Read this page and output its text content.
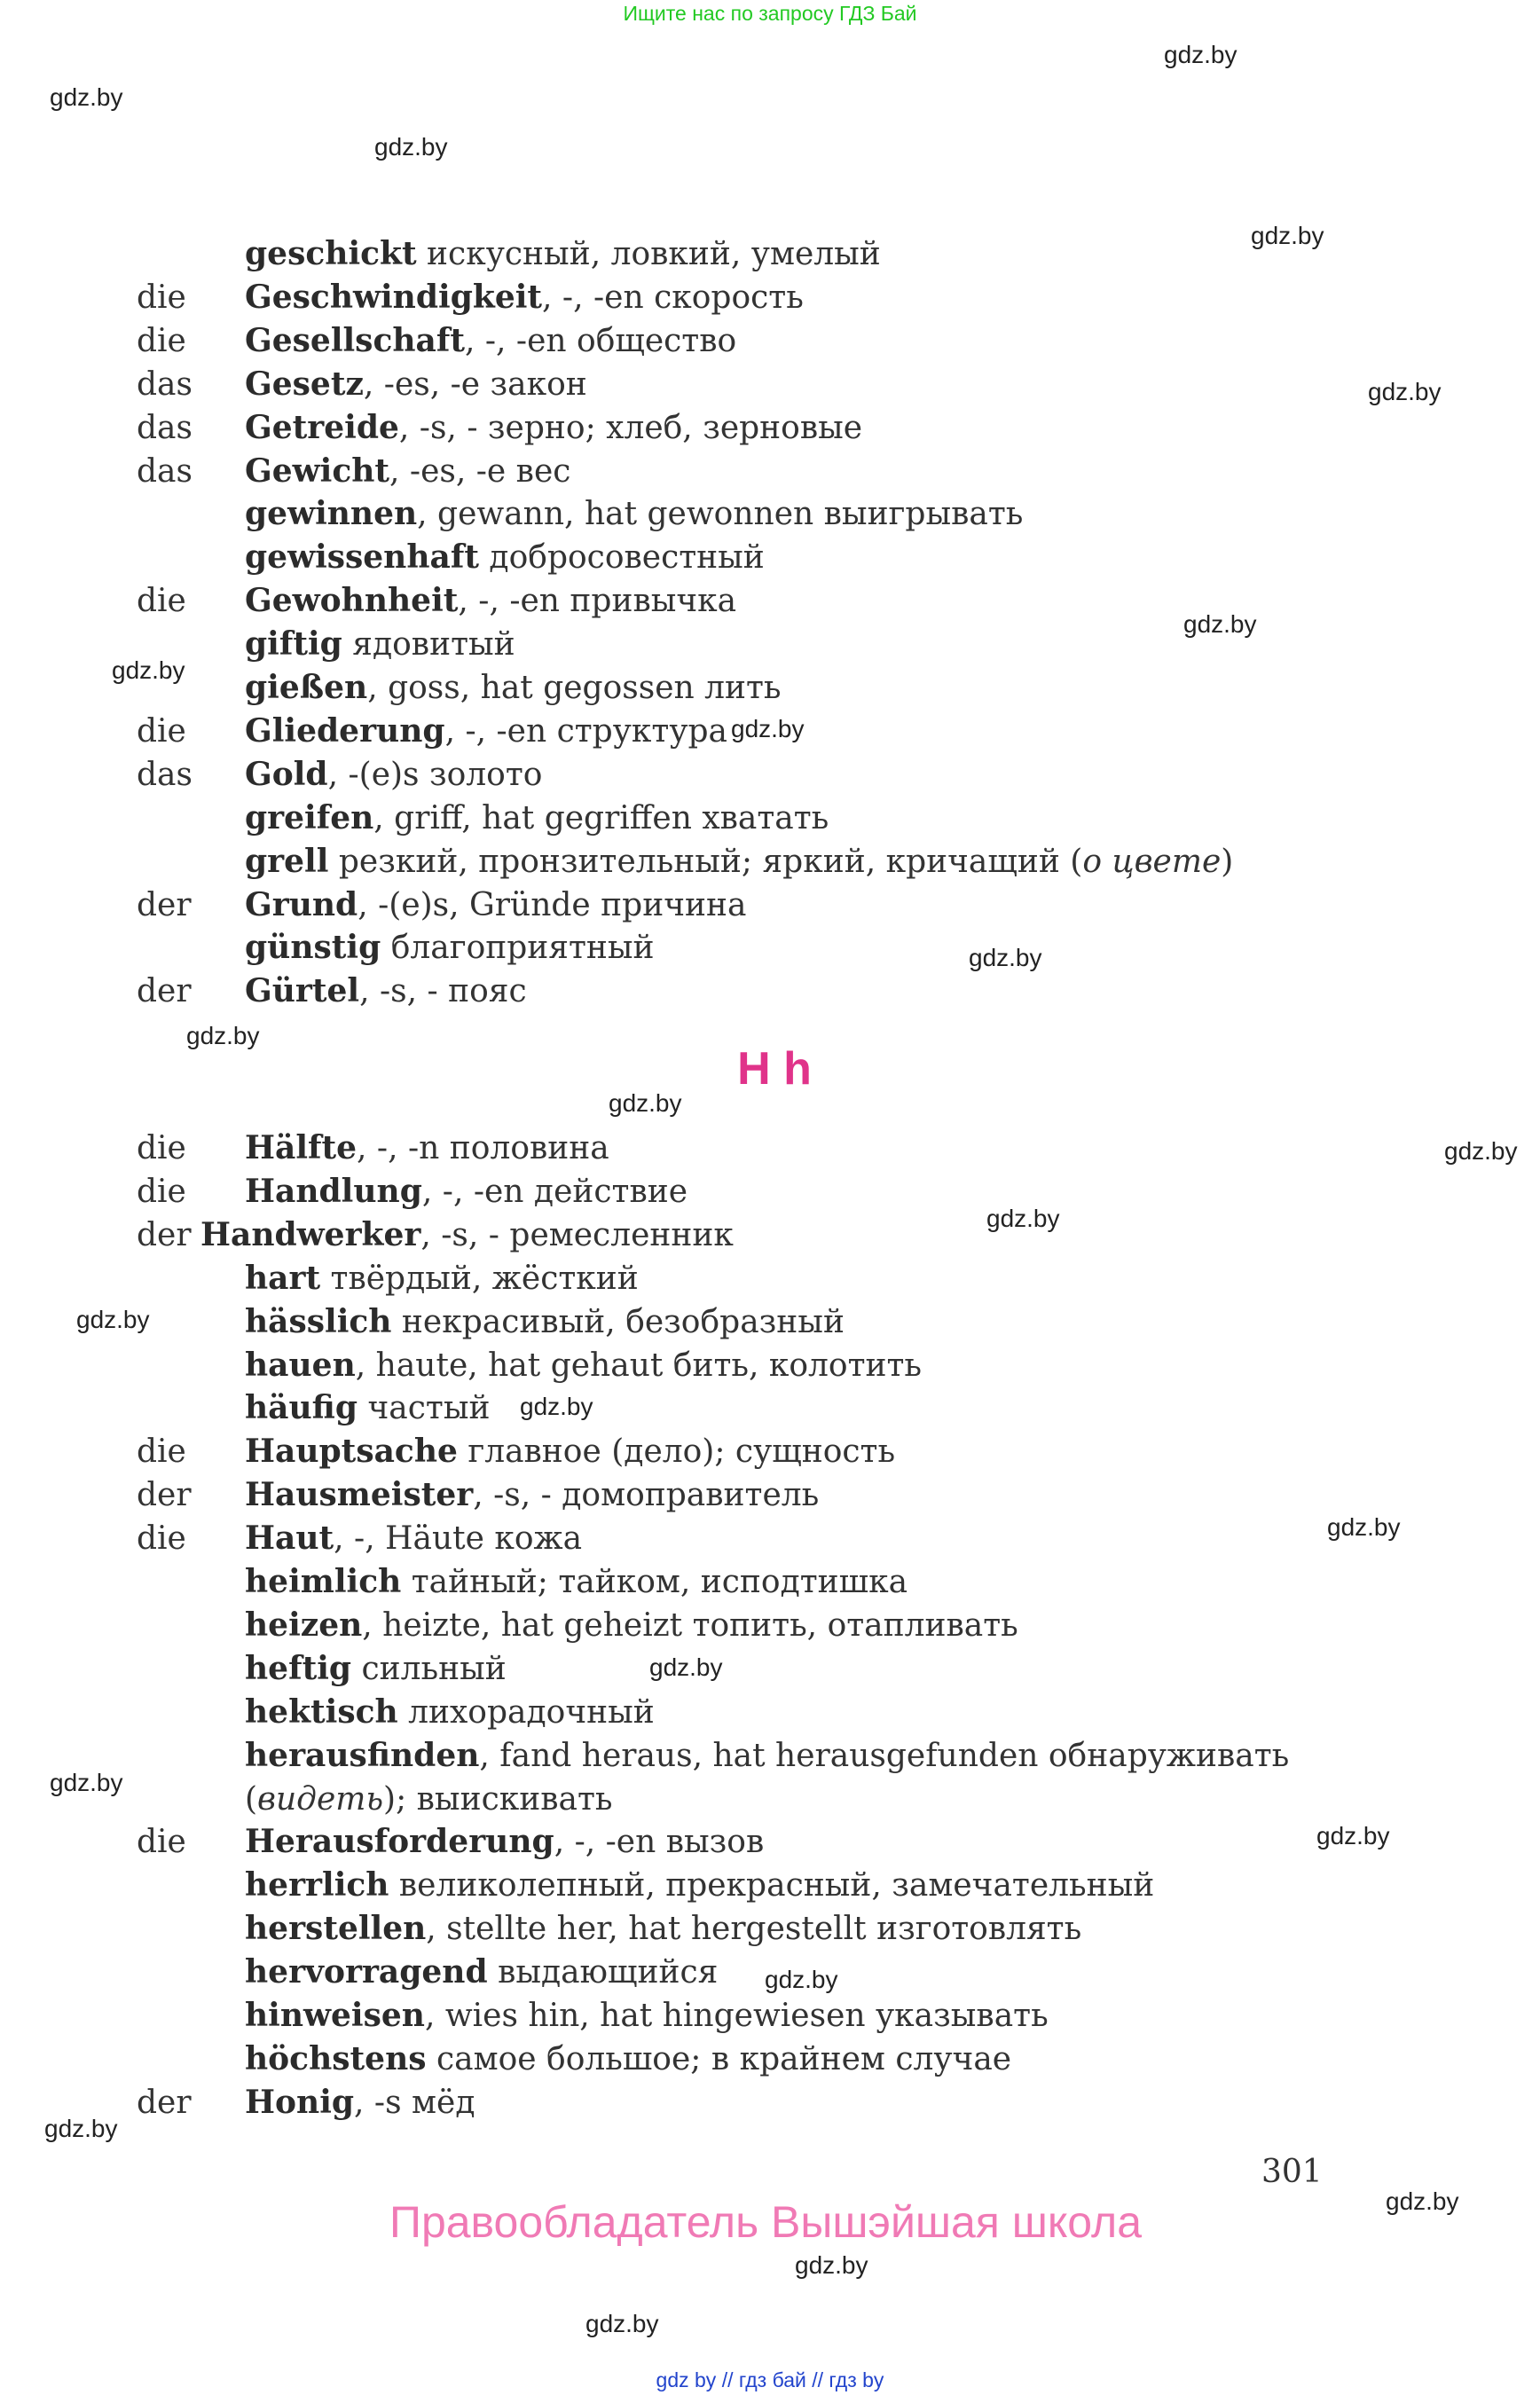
Ищите нас по запросу ГДЗ Бай
gdz.by
gdz.by
gdz.by
gdz.by
gdz.by
gdz.by
gdz.by
gdz.by
gdz.by
gdz.by
gdz.by
gdz.by
gdz.by
gdz.by
gdz.by
gdz.by
gdz.by
gdz.by
gdz.by
gdz.by
gdz.by
gdz.by
gdz.by
gdz.by
geschickt искусный, ловкий, умелый
die Geschwindigkeit, -, -en скорость
die Gesellschaft, -, -en общество
das Gesetz, -es, -e закон
das Getreide, -s, - зерно; хлеб, зерновые
das Gewicht, -es, -e вес
gewinnen, gewann, hat gewonnen выигрывать
gewissenhaft добросовестный
die Gewohnheit, -, -en привычка
giftig ядовитый
gießen, goss, hat gegossen лить
die Gliederung, -, -en структура
das Gold, -(e)s золото
greifen, griff, hat gegriffen хватать
grell резкий, пронзительный; яркий, кричащий (о цвете)
der Grund, -(e)s, Gründe причина
günstig благоприятный
der Gürtel, -s, - пояс
H h
die Hälfte, -, -n половина
die Handlung, -, -en действие
der Handwerker, -s, - ремесленник
hart твёрдый, жёсткий
hässlich некрасивый, безобразный
hauen, haute, hat gehaut бить, колотить
häufig частый
die Hauptsache главное (дело); сущность
der Hausmeister, -s, - домоправитель
die Haut, -, Häute кожа
heimlich тайный; тайком, исподтишка
heizen, heizte, hat geheizt топить, отапливать
heftig сильный
hektisch лихорадочный
herausfinden, fand heraus, hat herausgefunden обнаруживать
(видеть); выискивать
die Herausforderung, -, -en вызов
herrlich великолепный, прекрасный, замечательный
herstellen, stellte her, hat hergestellt изготовлять
hervorragend выдающийся
hinweisen, wies hin, hat hingewiesen указывать
höchstens самое большое; в крайнем случае
der Honig, -s мёд
301
Правообладатель Вышэйшая школа
gdz by // гдз бай // гдз by
